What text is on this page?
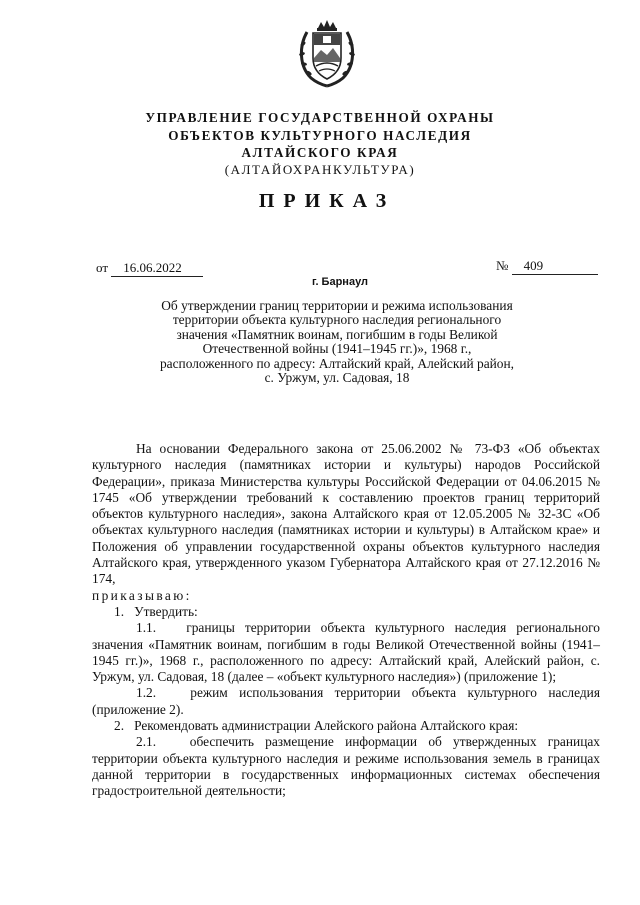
УПРАВЛЕНИЕ ГОСУДАРСТВЕННОЙ ОХРАНЫ
ОБЪЕКТОВ КУЛЬТУРНОГО НАСЛЕДИЯ
АЛТАЙСКОГО КРАЯ
(АЛТАЙОХРАНКУЛЬТУРА)
ПРИКАЗ
от 16.06.2022	№ 409
г. Барнаул
Об утверждении границ территории и режима использования
территории объекта культурного наследия регионального
значения «Памятник воинам, погибшим в годы Великой
Отечественной войны (1941–1945 гг.)», 1968 г.,
расположенного по адресу: Алтайский край, Алейский район,
с. Уржум, ул. Садовая, 18

На основании Федерального закона от 25.06.2002 № 73-ФЗ «Об объектах культурного наследия (памятниках истории и культуры) народов Российской Федерации», приказа Министерства культуры Российской Федерации от 04.06.2015 № 1745 «Об утверждении требований к составлению проектов границ территорий объектов культурного наследия», закона Алтайского края от 12.05.2005 № 32-ЗС «Об объектах культурного наследия (памятниках истории и культуры) в Алтайском крае» и Положения об управлении государственной охраны объектов культурного наследия Алтайского края, утвержденного указом Губернатора Алтайского края от 27.12.2016 № 174,

приказываю:

1.   Утвердить:

1.1.   границы территории объекта культурного наследия регионального значения «Памятник воинам, погибшим в годы Великой Отечественной войны (1941–1945 гг.)», 1968 г., расположенного по адресу: Алтайский край, Алейский район, с. Уржум, ул. Садовая, 18 (далее – «объект культурного наследия») (приложение 1);

1.2.   режим использования территории объекта культурного наследия (приложение 2).

2.   Рекомендовать администрации Алейского района Алтайского края:

2.1.   обеспечить размещение информации об утвержденных границах территории объекта культурного наследия и режиме использования земель в границах данной территории в государственных информационных системах обеспечения градостроительной деятельности;
